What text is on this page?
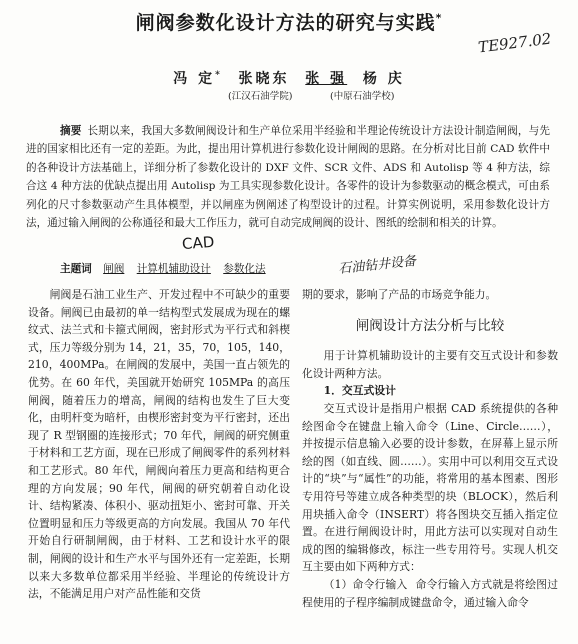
闸阀参数化设计方法的研究与实践*
TE927.02
冯 定* 张晓东 张 强 杨 庆
(江汉石油学院)	(中原石油学校)
摘要 长期以来，我国大多数闸阀设计和生产单位采用半经验和半理论传统设计方法设计制造闸阀，与先进的国家相比还有一定的差距。为此，提出用计算机进行参数化设计闸阀的思路。在分析对比目前 CAD 软件中的各种设计方法基础上，详细分析了参数化设计的 DXF 文件、SCR 文件、ADS 和 Autolisp 等 4 种方法，综合这 4 种方法的优缺点提出用 Autolisp 为工具实现参数化设计。各零件的设计为参数驱动的概念模式，可由系列化的尺寸参数驱动产生具体模型，并以闸座为例阐述了构型设计的过程。计算实例说明，采用参数化设计方法，通过输入闸阀的公称通径和最大工作压力，就可自动完成闸阀的设计、图纸的绘制和相关的计算。
CAD
主题词 闸阀 计算机辅助设计 参数化法	石油钻井设备

闸阀是石油工业生产、开发过程中不可缺少的重要设备。闸阀已由最初的单一结构型式发展成为现在的螺纹式、法兰式和卡箍式闸阀，密封形式为平行式和斜楔式，压力等级分别为 14，21，35，70，105，140，210，400MPa。在闸阀的发展中，美国一直占领先的优势。在 60 年代，美国就开始研究 105MPa 的高压闸阀，随着压力的增高，闸阀的结构也发生了巨大变化，由明杆变为暗杆，由楔形密封变为平行密封，还出现了 R 型钢圈的连接形式；70 年代，闸阀的研究侧重于材料和工艺方面，现在已形成了闸阀零件的系列材料和工艺形式。80 年代，闸阀向着压力更高和结构更合理的方向发展；90 年代，闸阀的研究朝着自动化设计、结构紧凑、体积小、驱动扭矩小、密封可靠、开关位置明显和压力等级更高的方向发展。我国从 70 年代开始自行研制闸阀，由于材料、工艺和设计水平的限制，闸阀的设计和生产水平与国外还有一定差距，长期以来大多数单位都采用半经验、半理论的传统设计方法，不能满足用户对产品性能和交货

期的要求，影响了产品的市场竞争能力。

闸阀设计方法分析与比较

用于计算机辅助设计的主要有交互式设计和参数化设计两种方法。

1．交互式设计

交互式设计是指用户根据 CAD 系统提供的各种绘图命令在键盘上输入命令（Line、Circle……），并按提示信息输入必要的设计参数，在屏幕上显示所绘的图（如直线、圆……）。实用中可以利用交互式设计的“块”与“属性”的功能，将常用的基本图素、图形专用符号等建立成各种类型的块（BLOCK），然后利用块插入命令（INSERT）将各图块交互插入指定位置。在进行闸阀设计时，用此方法可以实现对自动生成的图的编辑修改，标注一些专用符号。实现人机交互主要由如下两种方式：

（1）命令行输入 命令行输入方式就是将绘图过程使用的子程序编制成键盘命令，通过输入命令
